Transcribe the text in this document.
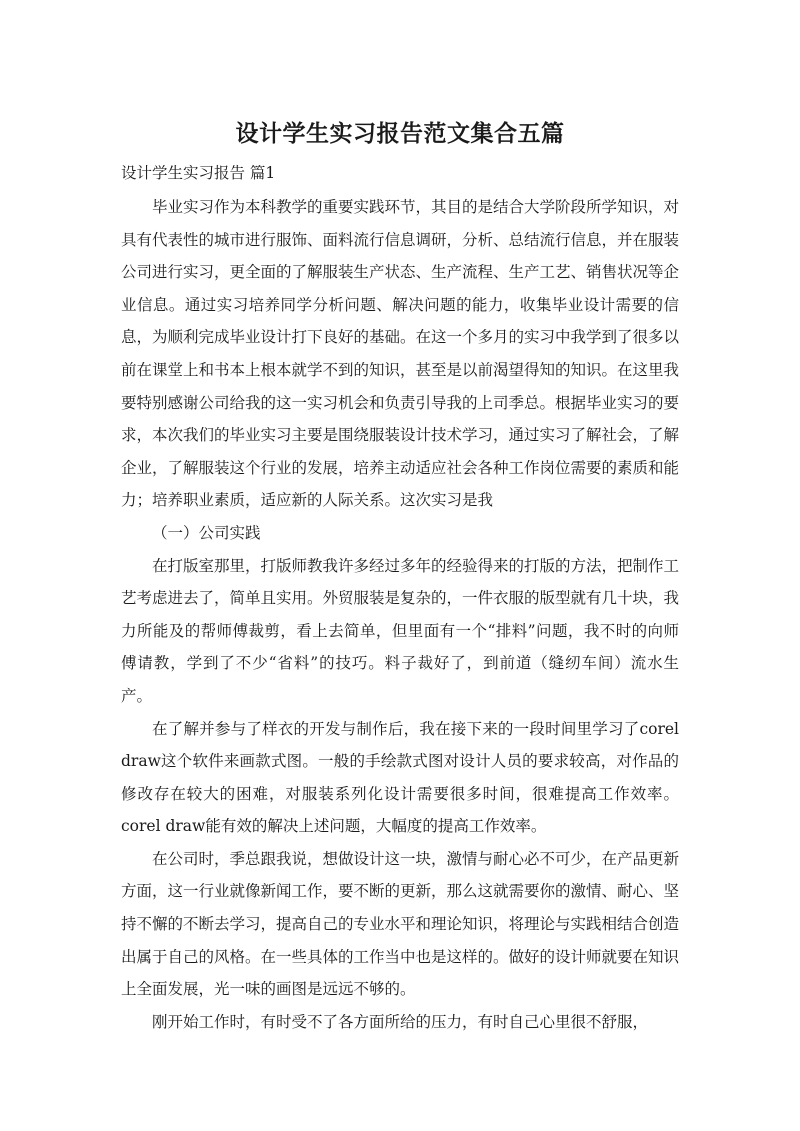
设计学生实习报告范文集合五篇
设计学生实习报告 篇1

毕业实习作为本科教学的重要实践环节，其目的是结合大学阶段所学知识，对具有代表性的城市进行服饰、面料流行信息调研，分析、总结流行信息，并在服装公司进行实习，更全面的了解服装生产状态、生产流程、生产工艺、销售状况等企业信息。通过实习培养同学分析问题、解决问题的能力，收集毕业设计需要的信息，为顺利完成毕业设计打下良好的基础。在这一个多月的实习中我学到了很多以前在课堂上和书本上根本就学不到的知识，甚至是以前渴望得知的知识。在这里我要特别感谢公司给我的这一实习机会和负责引导我的上司季总。根据毕业实习的要求，本次我们的毕业实习主要是围绕服装设计技术学习，通过实习了解社会，了解企业，了解服装这个行业的发展，培养主动适应社会各种工作岗位需要的素质和能力；培养职业素质，适应新的人际关系。这次实习是我

（一）公司实践

在打版室那里，打版师教我许多经过多年的经验得来的打版的方法，把制作工艺考虑进去了，简单且实用。外贸服装是复杂的，一件衣服的版型就有几十块，我力所能及的帮师傅裁剪，看上去简单，但里面有一个“排料”问题，我不时的向师傅请教，学到了不少“省料”的技巧。料子裁好了，到前道（缝纫车间）流水生产。

在了解并参与了样衣的开发与制作后，我在接下来的一段时间里学习了corel draw这个软件来画款式图。一般的手绘款式图对设计人员的要求较高，对作品的修改存在较大的困难，对服装系列化设计需要很多时间，很难提高工作效率。corel draw能有效的解决上述问题，大幅度的提高工作效率。

在公司时，季总跟我说，想做设计这一块，激情与耐心必不可少，在产品更新方面，这一行业就像新闻工作，要不断的更新，那么这就需要你的激情、耐心、坚持不懈的不断去学习，提高自己的专业水平和理论知识，将理论与实践相结合创造出属于自己的风格。在一些具体的工作当中也是这样的。做好的设计师就要在知识上全面发展，光一味的画图是远远不够的。

刚开始工作时，有时受不了各方面所给的压力，有时自己心里很不舒服，
